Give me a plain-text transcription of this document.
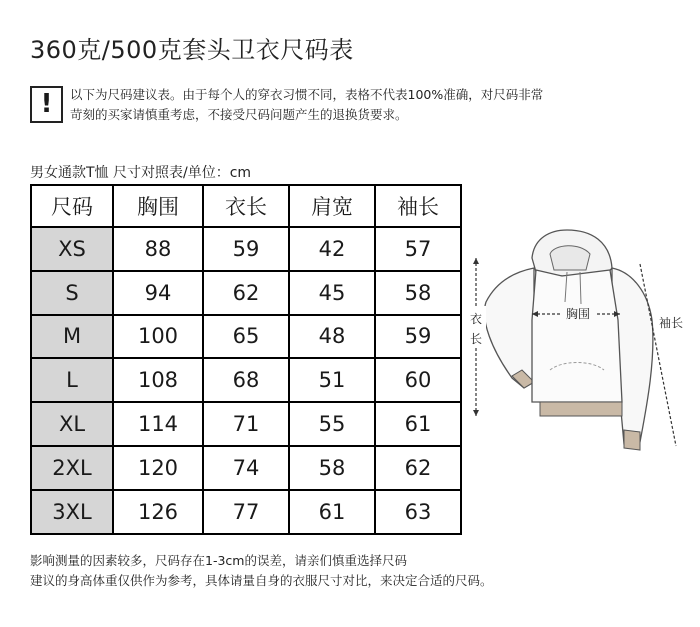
360克/500克套头卫衣尺码表
!	以下为尺码建议表。由于每个人的穿衣习惯不同，表格不代表100%准确，对尺码非常
苛刻的买家请慎重考虑，不接受尺码问题产生的退换货要求。
男女通款T恤 尺寸对照表/单位：cm
尺码	胸围	衣长	肩宽	袖长
XS	88	59	42	57
S	94	62	45	58
M	100	65	48	59
L	108	68	51	60
XL	114	71	55	61
2XL	120	74	58	62
3XL	126	77	61	63
胸围
衣
长
袖长
影响测量的因素较多，尺码存在1-3cm的误差，请亲们慎重选择尺码
建议的身高体重仅供作为参考，具体请量自身的衣服尺寸对比，来决定合适的尺码。
